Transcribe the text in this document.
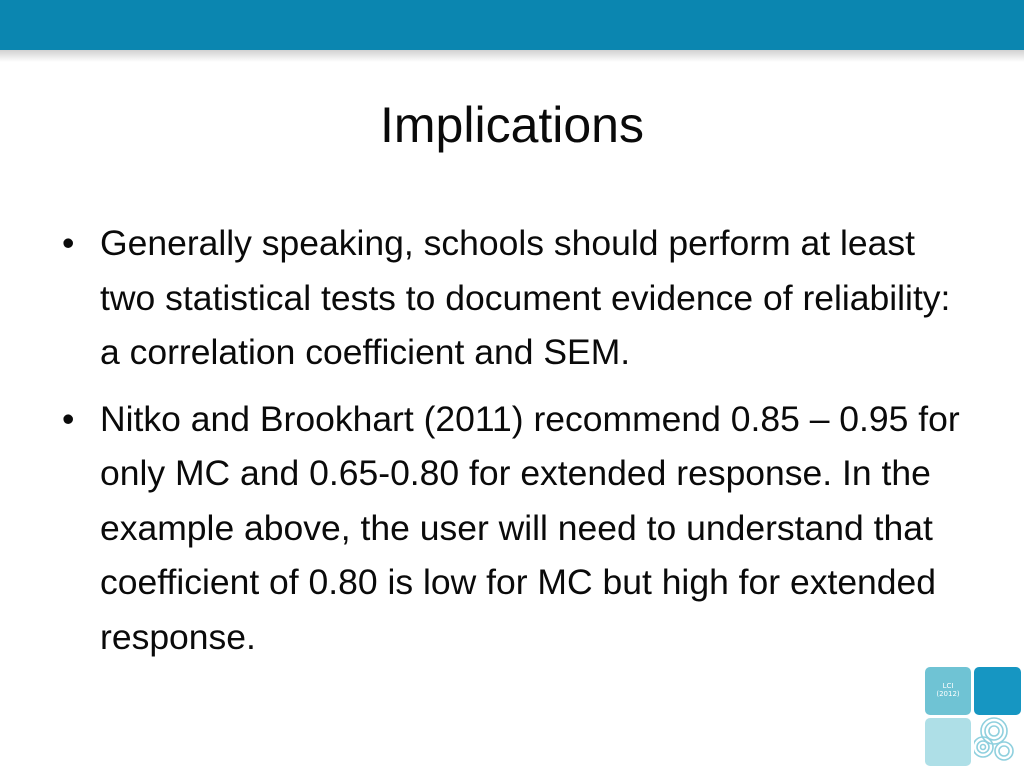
Implications
• Generally speaking, schools should perform at least two statistical tests to document evidence of reliability: a correlation coefficient and SEM.
• Nitko and Brookhart (2011) recommend 0.85 – 0.95 for only MC and 0.65-0.80 for extended response. In the example above, the user will need to understand that coefficient of 0.80 is low for MC but high for extended response.
LCI
(2012)
